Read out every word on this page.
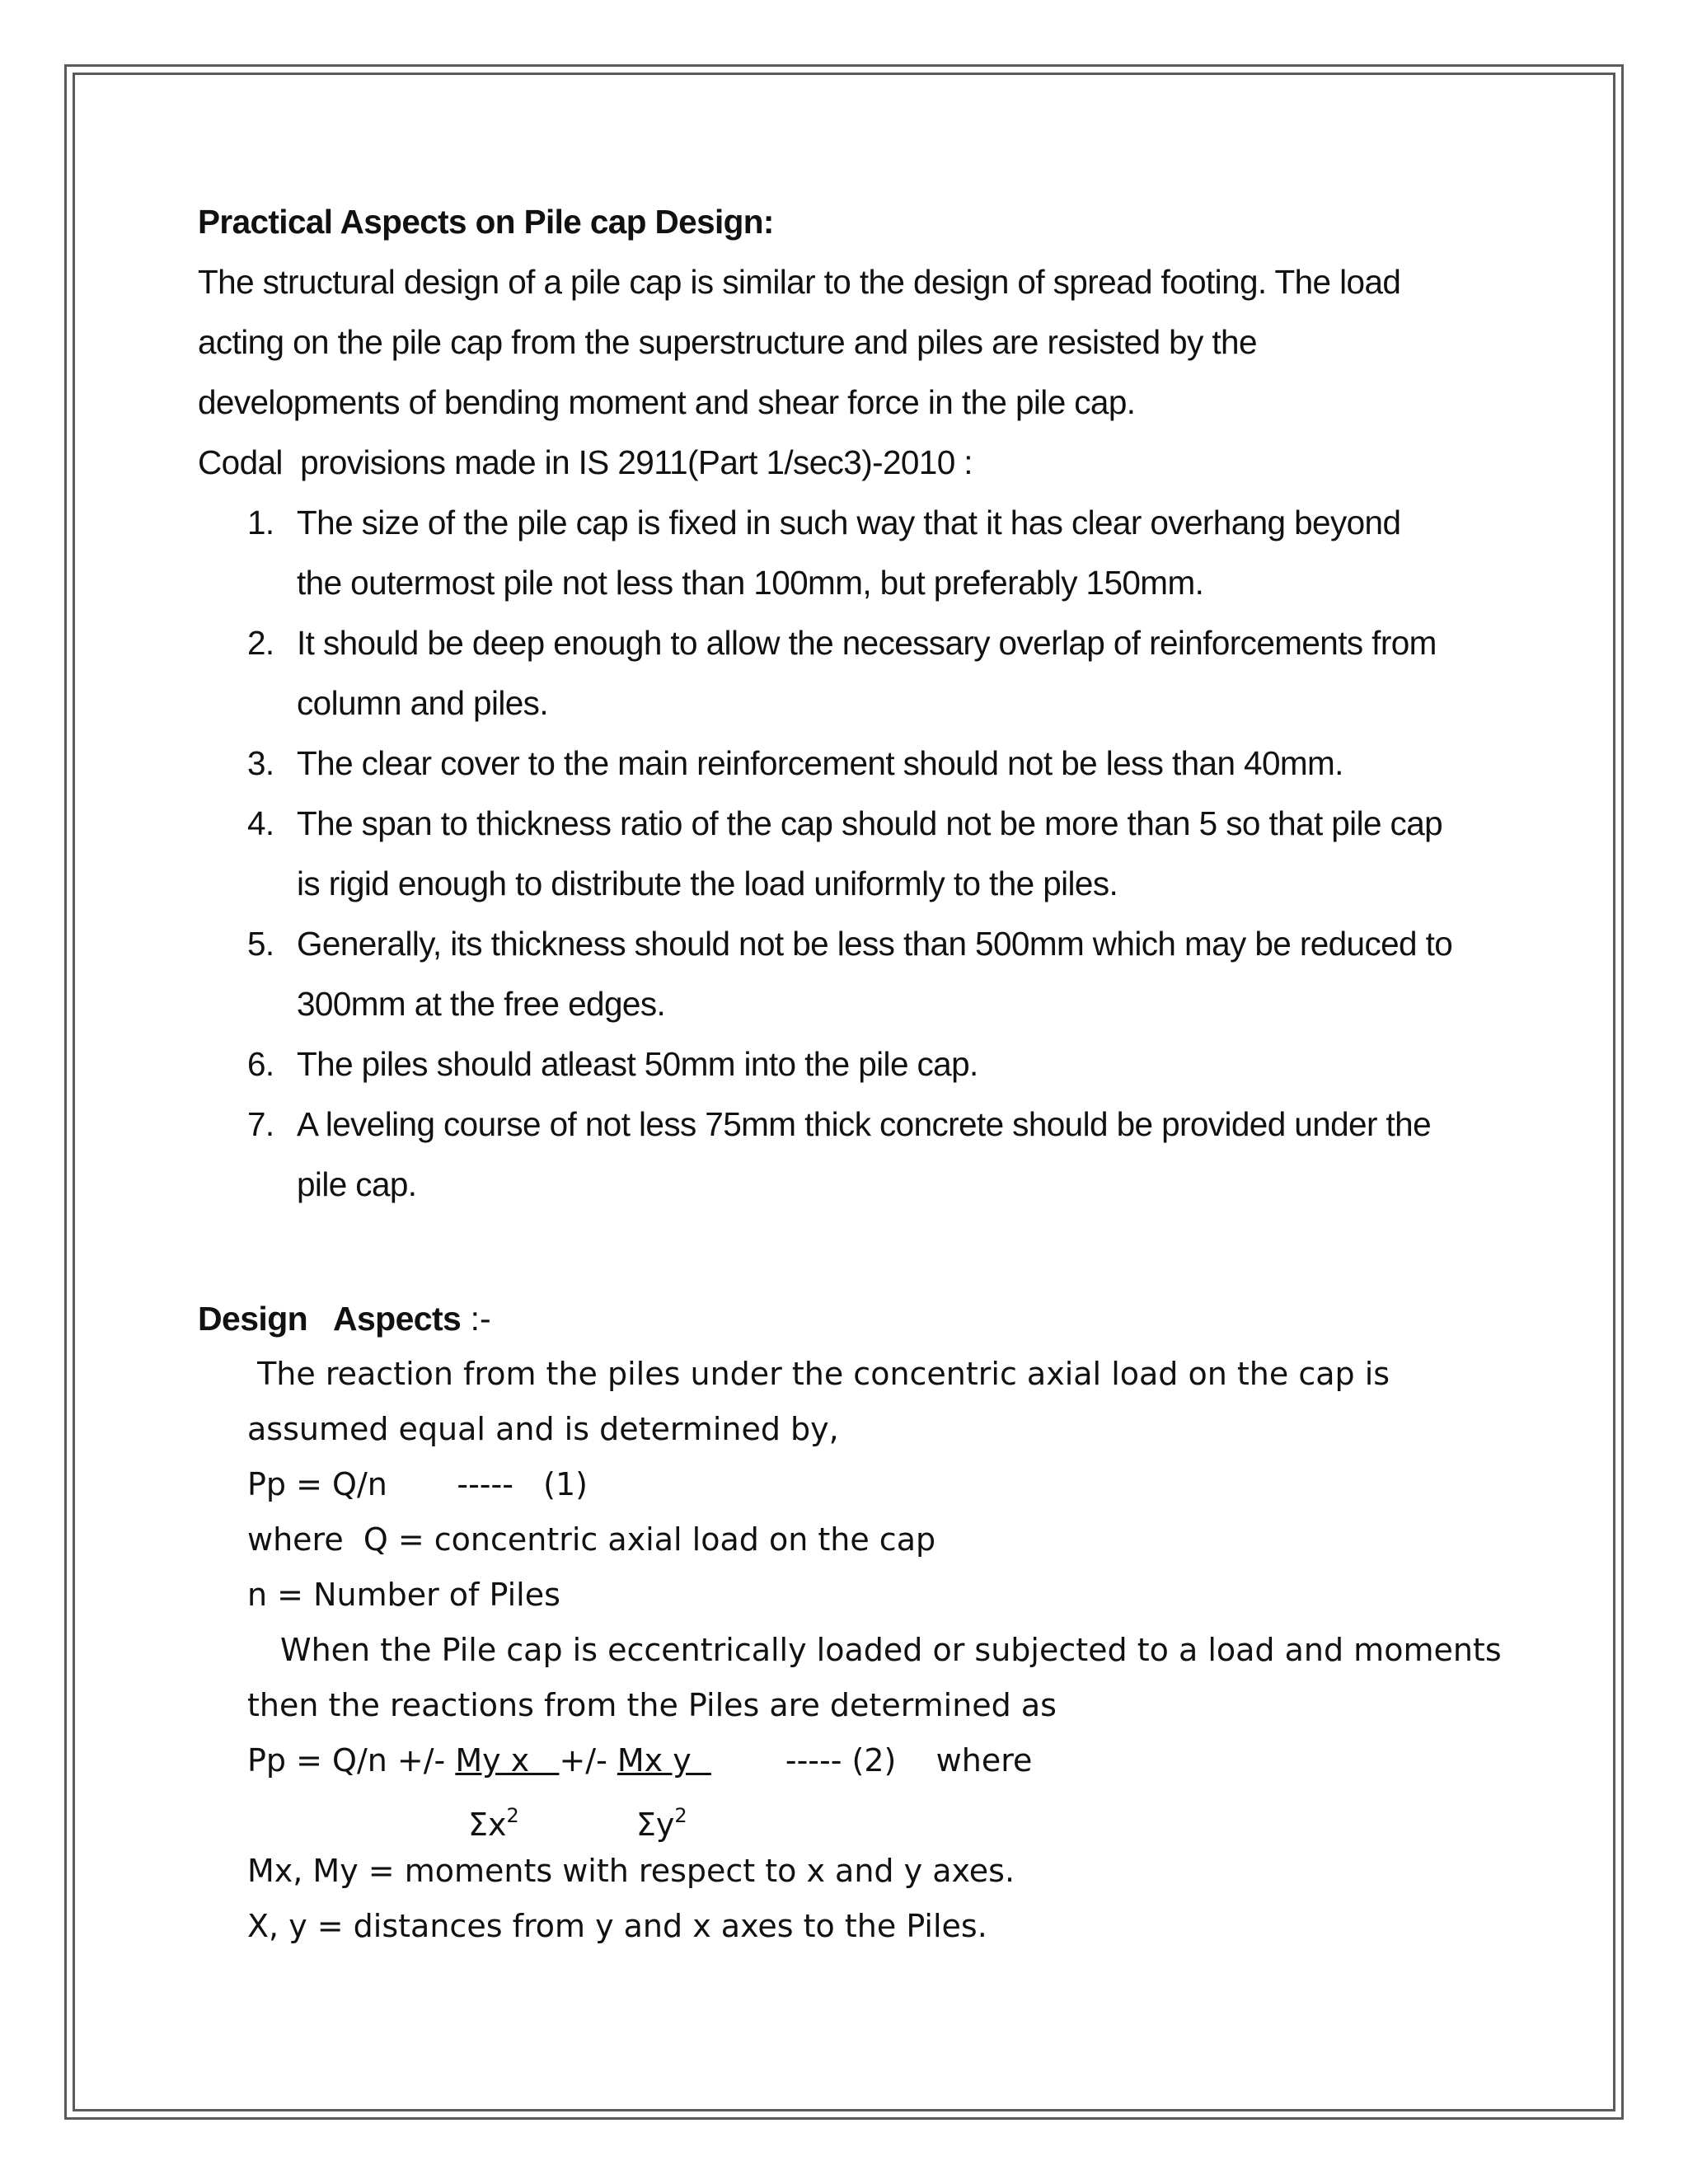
Practical Aspects on Pile cap Design:
The structural design of a pile cap is similar to the design of spread footing. The load
acting on the pile cap from the superstructure and piles are resisted by the
developments of bending moment and shear force in the pile cap.
Codal  provisions made in IS 2911(Part 1/sec3)-2010 :
1. The size of the pile cap is fixed in such way that it has clear overhang beyond
the outermost pile not less than 100mm, but preferably 150mm.
2. It should be deep enough to allow the necessary overlap of reinforcements from
column and piles.
3. The clear cover to the main reinforcement should not be less than 40mm.
4. The span to thickness ratio of the cap should not be more than 5 so that pile cap
is rigid enough to distribute the load uniformly to the piles.
5. Generally, its thickness should not be less than 500mm which may be reduced to
300mm at the free edges.
6. The piles should atleast 50mm into the pile cap.
7. A leveling course of not less 75mm thick concrete should be provided under the
pile cap.
Design   Aspects :-
The reaction from the piles under the concentric axial load on the cap is
assumed equal and is determined by,
Pp = Q/n       -----   (1)
where  Q = concentric axial load on the cap
n = Number of Piles
When the Pile cap is eccentrically loaded or subjected to a load and moments
then the reactions from the Piles are determined as
Pp = Q/n +/- My x   +/- Mx y  ----- (2)    where
$\Sigma x^2$	$\Sigma y^2$
Mx, My = moments with respect to x and y axes.
X, y = distances from y and x axes to the Piles.
